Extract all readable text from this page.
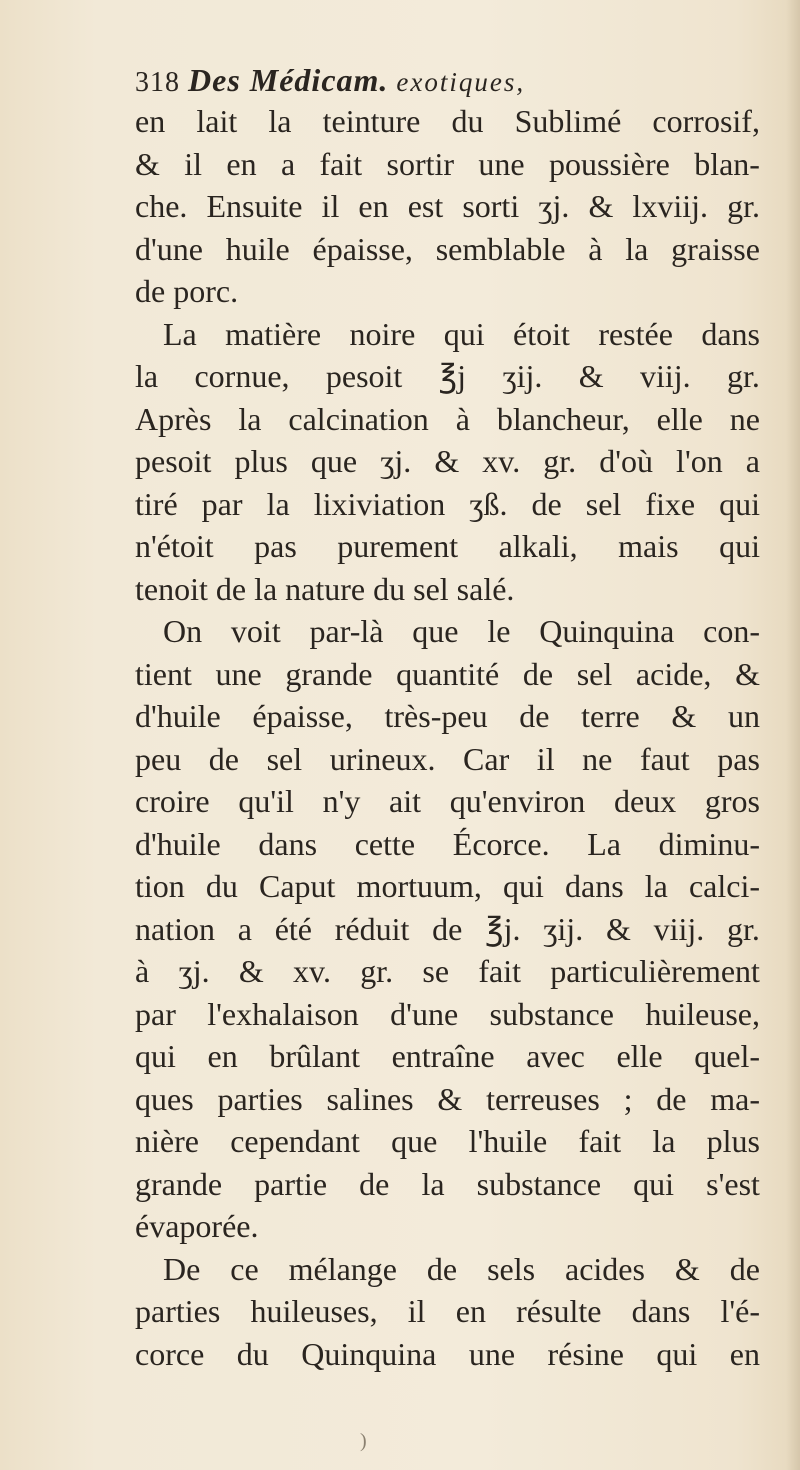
318 Des Médicam. exotiques,
en lait la teinture du Sublimé corrosif,
& il en a fait sortir une poussière blan-
che. Ensuite il en est sorti ʒj. & lxviij. gr.
d'une huile épaisse, semblable à la graisse
de porc.
La matière noire qui étoit restée dans
la cornue, pesoit ℥j ʒij. & viij. gr.
Après la calcination à blancheur, elle ne
pesoit plus que ʒj. & xv. gr. d'où l'on a
tiré par la lixiviation ʒß. de sel fixe qui
n'étoit pas purement alkali, mais qui
tenoit de la nature du sel salé.
On voit par-là que le Quinquina con-
tient une grande quantité de sel acide, &
d'huile épaisse, très-peu de terre & un
peu de sel urineux. Car il ne faut pas
croire qu'il n'y ait qu'environ deux gros
d'huile dans cette Écorce. La diminu-
tion du Caput mortuum, qui dans la calci-
nation a été réduit de ℥j. ʒij. & viij. gr.
à ʒj. & xv. gr. se fait particulièrement
par l'exhalaison d'une substance huileuse,
qui en brûlant entraîne avec elle quel-
ques parties salines & terreuses ; de ma-
nière cependant que l'huile fait la plus
grande partie de la substance qui s'est
évaporée.
De ce mélange de sels acides & de
parties huileuses, il en résulte dans l'é-
corce du Quinquina une résine qui en
)
